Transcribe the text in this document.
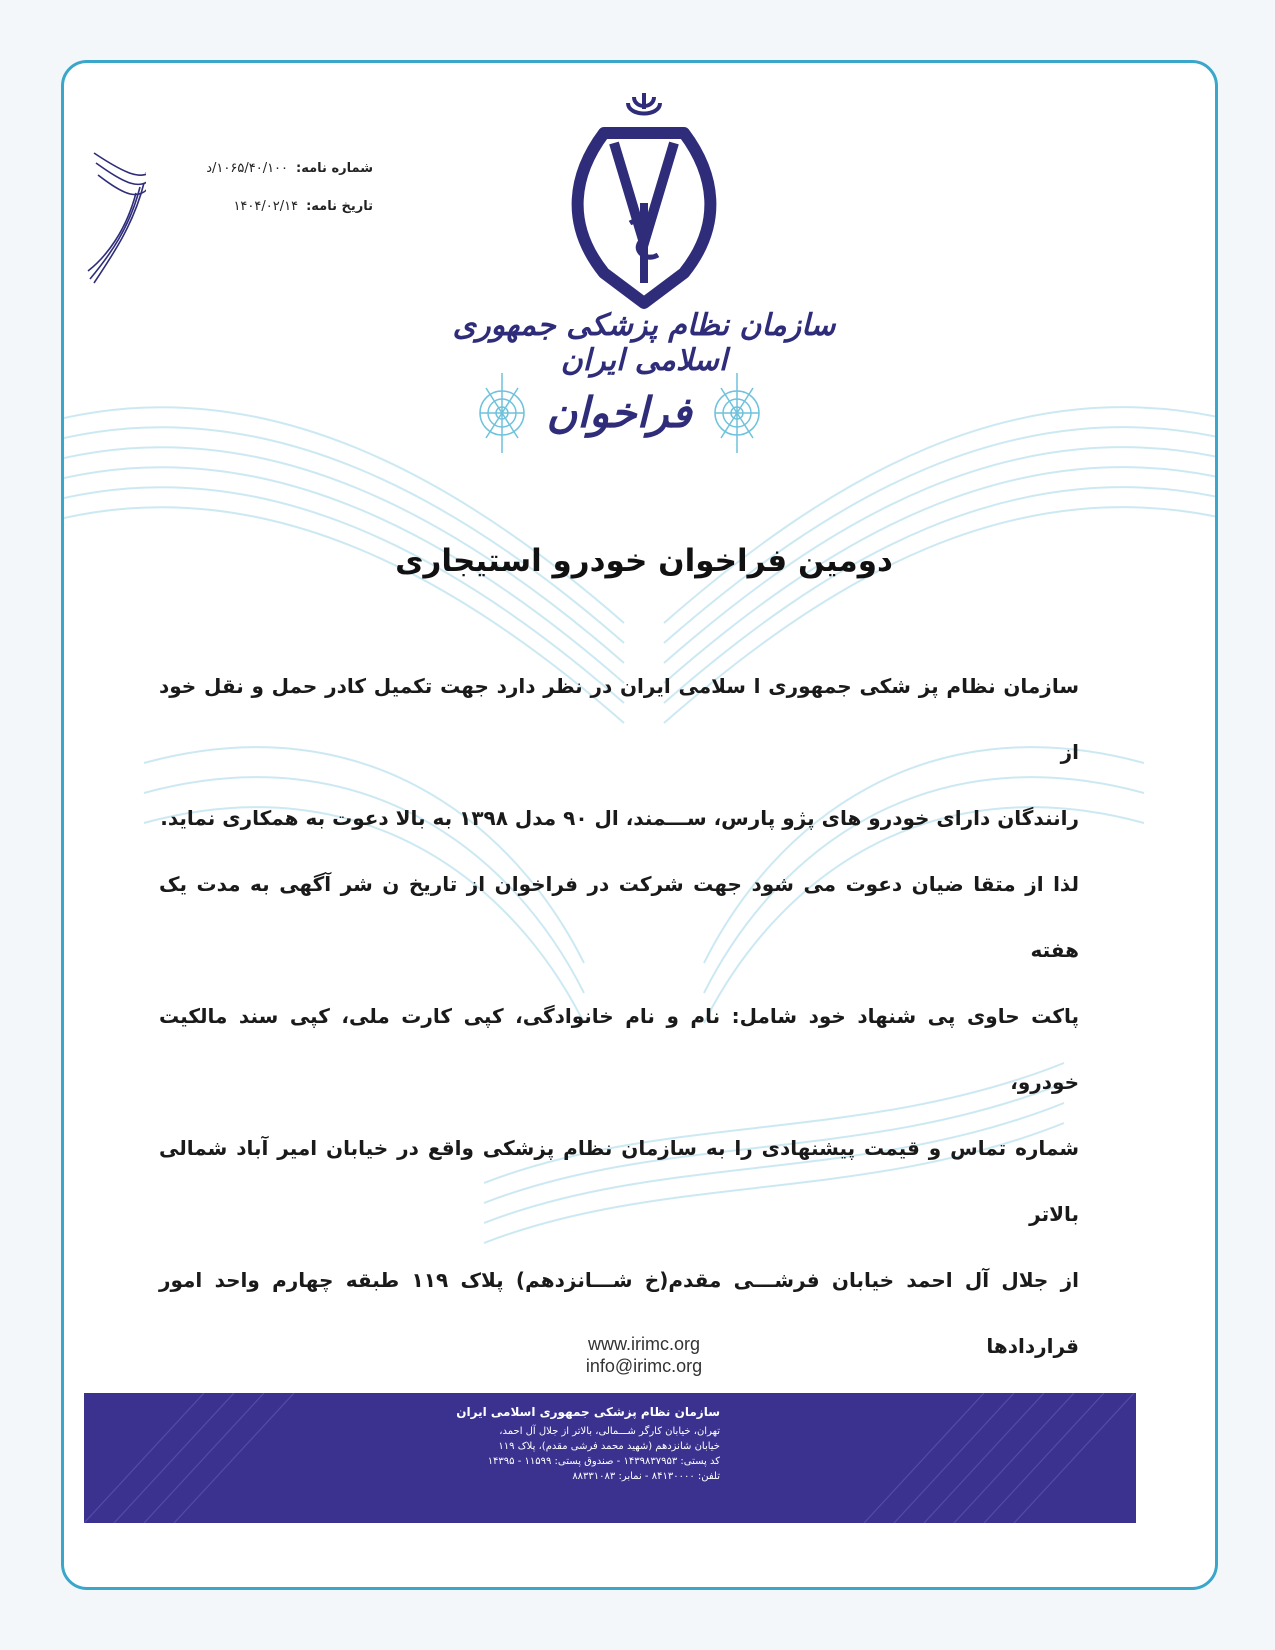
شماره نامه:
۱۰۶۵/۴۰/۱۰۰/د
تاریخ نامه:
۱۴۰۴/۰۲/۱۴
سازمان نظام پزشکی جمهوری اسلامی ایران
فراخوان
دومین فراخوان خودرو استیجاری
سازمان نظام پز شکی جمهوری ا سلامی ایران در نظر دارد جهت تکمیل کادر حمل و نقل خود از
رانندگان دارای خودرو های پژو پارس، ســـمند، ال ۹۰ مدل ۱۳۹۸ به بالا دعوت به همکاری نماید.
لذا از متقا ضیان دعوت می شود جهت شرکت در فراخوان از تاریخ ن شر آگهی به مدت یک هفته
پاکت حاوی پی شنهاد خود شامل: نام و نام خانوادگی، کپی کارت ملی، کپی سند مالکیت خودرو،
شماره تماس و قیمت پیشنهادی را به سازمان نظام پزشکی واقع در خیابان امیر آباد شمالی بالاتر
از جلال آل احمد خیابان فرشـــی مقدم(خ شـــانزدهم) پلاک ۱۱۹ طبقه چهارم واحد امور قراردادها
www.irimc.org
info@irimc.org
سازمان نظام پزشکی جمهوری اسلامی ایران
تهران، خیابان کارگر شـــمالی، بالاتر از جلال آل احمد،
خیابان شانزدهم (شهید محمد فرشی مقدم)، پلاک ۱۱۹
کد پستی: ۱۴۳۹۸۳۷۹۵۳ - صندوق پستی: ۱۱۵۹۹ - ۱۴۳۹۵
تلفن: ۸۴۱۳۰۰۰۰ - نمابر: ۸۸۳۳۱۰۸۳
